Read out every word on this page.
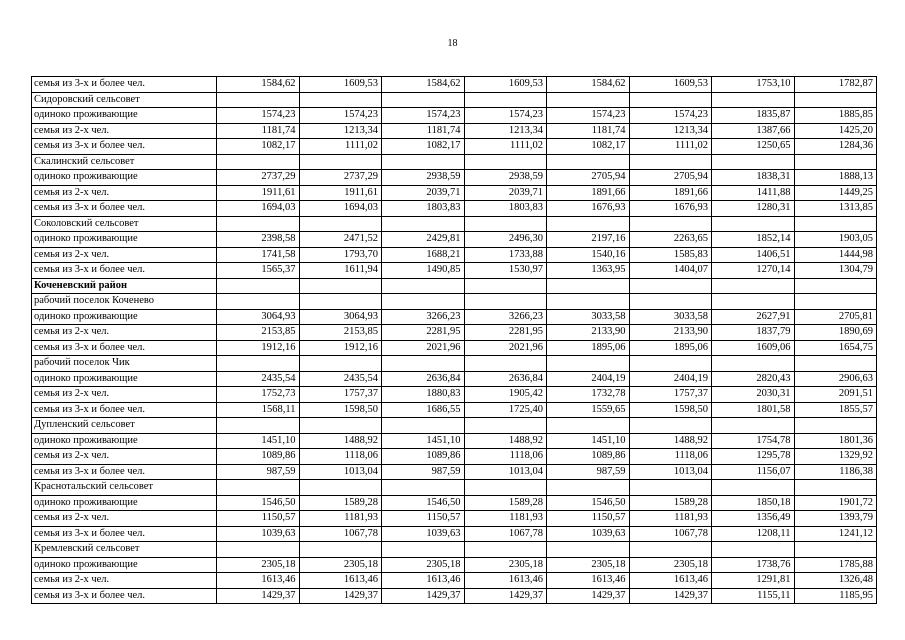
18
семья из 3-х и более чел.	1584,62	1609,53	1584,62	1609,53	1584,62	1609,53	1753,10	1782,87
Сидоровский сельсовет								
одиноко проживающие	1574,23	1574,23	1574,23	1574,23	1574,23	1574,23	1835,87	1885,85
семья из 2-х чел.	1181,74	1213,34	1181,74	1213,34	1181,74	1213,34	1387,66	1425,20
семья из 3-х и более чел.	1082,17	1111,02	1082,17	1111,02	1082,17	1111,02	1250,65	1284,36
Скалинский сельсовет								
одиноко проживающие	2737,29	2737,29	2938,59	2938,59	2705,94	2705,94	1838,31	1888,13
семья из 2-х чел.	1911,61	1911,61	2039,71	2039,71	1891,66	1891,66	1411,88	1449,25
семья из 3-х и более чел.	1694,03	1694,03	1803,83	1803,83	1676,93	1676,93	1280,31	1313,85
Соколовский сельсовет								
одиноко проживающие	2398,58	2471,52	2429,81	2496,30	2197,16	2263,65	1852,14	1903,05
семья из 2-х чел.	1741,58	1793,70	1688,21	1733,88	1540,16	1585,83	1406,51	1444,98
семья из 3-х и более чел.	1565,37	1611,94	1490,85	1530,97	1363,95	1404,07	1270,14	1304,79
Коченевский район								
рабочий поселок Коченево								
одиноко проживающие	3064,93	3064,93	3266,23	3266,23	3033,58	3033,58	2627,91	2705,81
семья из 2-х чел.	2153,85	2153,85	2281,95	2281,95	2133,90	2133,90	1837,79	1890,69
семья из 3-х и более чел.	1912,16	1912,16	2021,96	2021,96	1895,06	1895,06	1609,06	1654,75
рабочий поселок Чик								
одиноко проживающие	2435,54	2435,54	2636,84	2636,84	2404,19	2404,19	2820,43	2906,63
семья из 2-х чел.	1752,73	1757,37	1880,83	1905,42	1732,78	1757,37	2030,31	2091,51
семья из 3-х и более чел.	1568,11	1598,50	1686,55	1725,40	1559,65	1598,50	1801,58	1855,57
Дупленский сельсовет								
одиноко проживающие	1451,10	1488,92	1451,10	1488,92	1451,10	1488,92	1754,78	1801,36
семья из 2-х чел.	1089,86	1118,06	1089,86	1118,06	1089,86	1118,06	1295,78	1329,92
семья из 3-х и более чел.	987,59	1013,04	987,59	1013,04	987,59	1013,04	1156,07	1186,38
Краснотальский сельсовет								
одиноко проживающие	1546,50	1589,28	1546,50	1589,28	1546,50	1589,28	1850,18	1901,72
семья из 2-х чел.	1150,57	1181,93	1150,57	1181,93	1150,57	1181,93	1356,49	1393,79
семья из 3-х и более чел.	1039,63	1067,78	1039,63	1067,78	1039,63	1067,78	1208,11	1241,12
Кремлевский сельсовет								
одиноко проживающие	2305,18	2305,18	2305,18	2305,18	2305,18	2305,18	1738,76	1785,88
семья из 2-х чел.	1613,46	1613,46	1613,46	1613,46	1613,46	1613,46	1291,81	1326,48
семья из 3-х и более чел.	1429,37	1429,37	1429,37	1429,37	1429,37	1429,37	1155,11	1185,95
